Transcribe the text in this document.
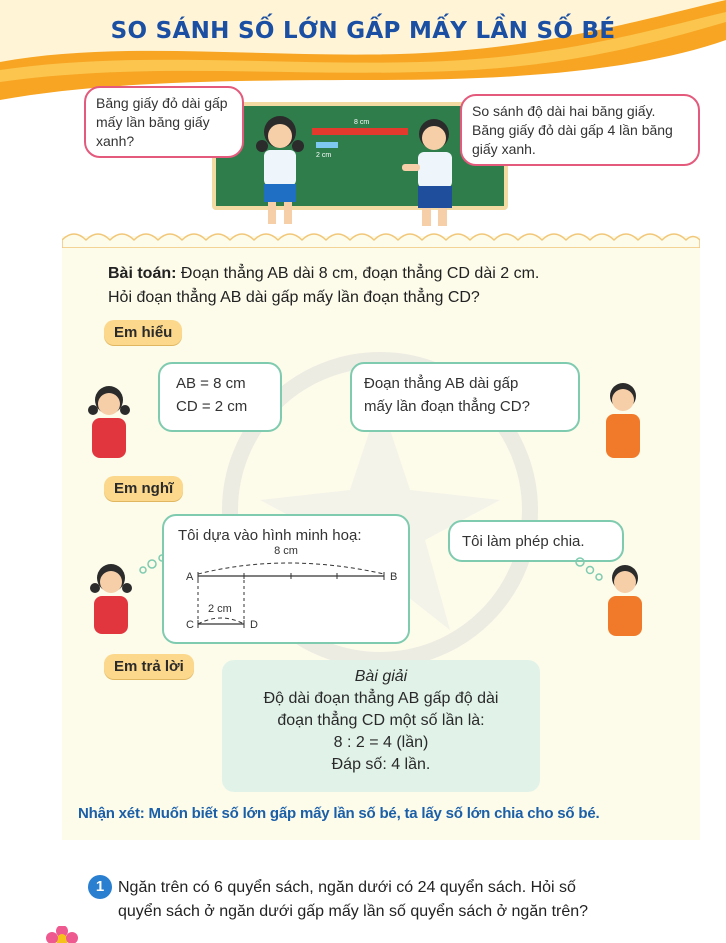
SO SÁNH SỐ LỚN GẤP MẤY LẦN SỐ BÉ
8 cm
2 cm
Băng giấy đỏ dài gấp mấy lần băng giấy xanh?
So sánh độ dài hai băng giấy. Băng giấy đỏ dài gấp 4 lần băng giấy xanh.
Bài toán: Đoạn thẳng AB dài 8 cm, đoạn thẳng CD dài 2 cm.
Hỏi đoạn thẳng AB dài gấp mấy lần đoạn thẳng CD?
Em hiểu
AB = 8 cm
CD = 2 cm
Đoạn thẳng AB dài gấp
mấy lần đoạn thẳng CD?
Em nghĩ
Tôi dựa vào hình minh hoạ:
8 cm
A	B
2 cm
C	D
Tôi làm phép chia.
Em trả lời
Bài giải
Độ dài đoạn thẳng AB gấp độ dài
đoạn thẳng CD một số lần là:
8 : 2 = 4 (lần)
Đáp số: 4 lần.
Nhận xét: Muốn biết số lớn gấp mấy lần số bé, ta lấy số lớn chia cho số bé.
1 Ngăn trên có 6 quyển sách, ngăn dưới có 24 quyển sách. Hỏi số
quyển sách ở ngăn dưới gấp mấy lần số quyển sách ở ngăn trên?
